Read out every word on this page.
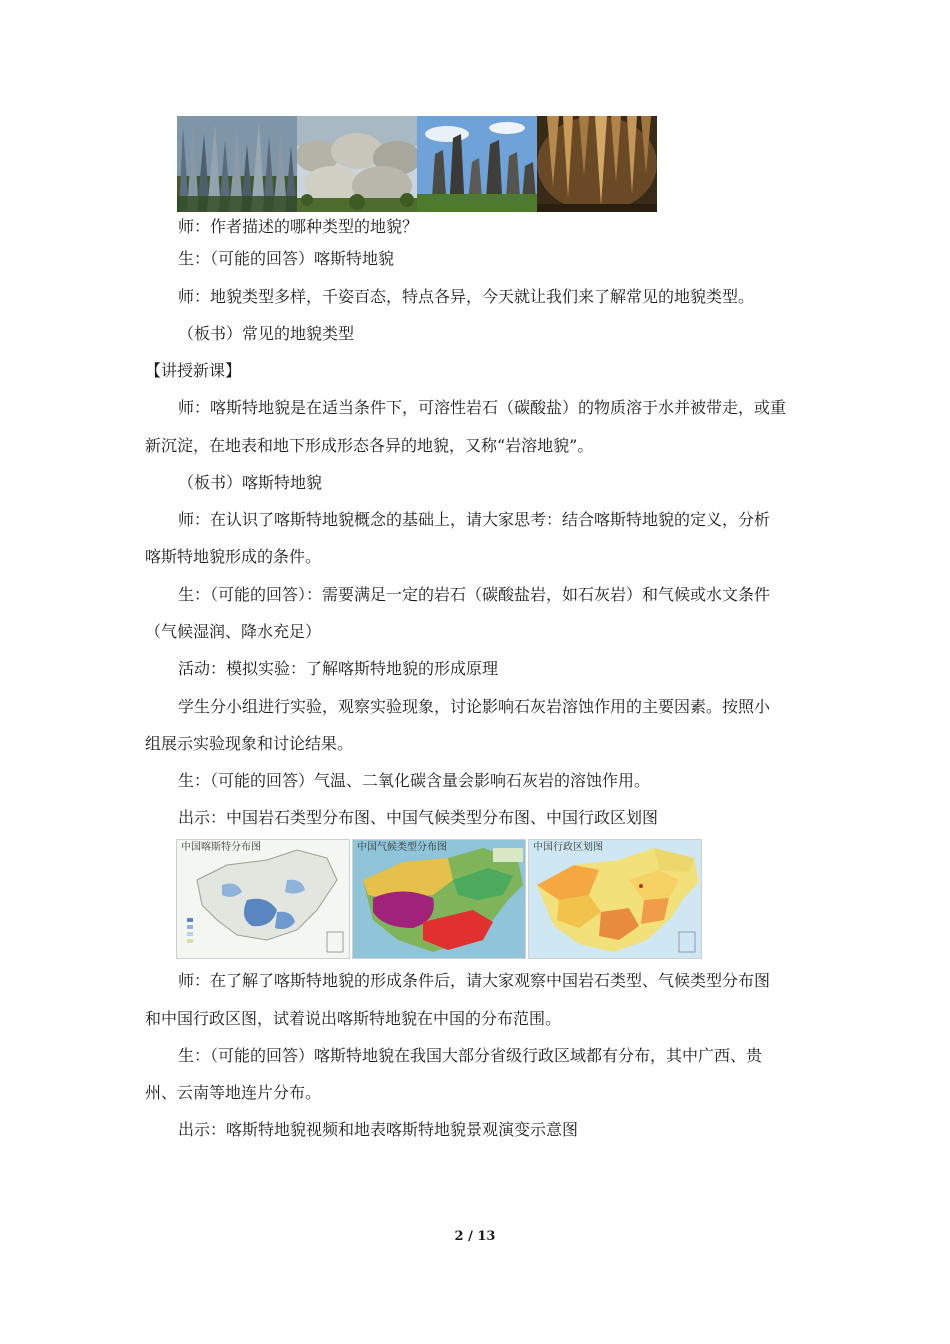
师：作者描述的哪种类型的地貌？
生：（可能的回答）喀斯特地貌
师：地貌类型多样，千姿百态，特点各异，今天就让我们来了解常见的地貌类型。
（板书）常见的地貌类型
【讲授新课】
师：喀斯特地貌是在适当条件下，可溶性岩石（碳酸盐）的物质溶于水并被带走，或重
新沉淀，在地表和地下形成形态各异的地貌，又称“岩溶地貌”。
（板书）喀斯特地貌
师：在认识了喀斯特地貌概念的基础上，请大家思考：结合喀斯特地貌的定义，分析
喀斯特地貌形成的条件。
生：（可能的回答）：需要满足一定的岩石（碳酸盐岩，如石灰岩）和气候或水文条件
（气候湿润、降水充足）
活动：模拟实验：了解喀斯特地貌的形成原理
学生分小组进行实验，观察实验现象，讨论影响石灰岩溶蚀作用的主要因素。按照小
组展示实验现象和讨论结果。
生：（可能的回答）气温、二氧化碳含量会影响石灰岩的溶蚀作用。
出示：中国岩石类型分布图、中国气候类型分布图、中国行政区划图
中国喀斯特分布图	中国气候类型分布图	中国行政区划图
师：在了解了喀斯特地貌的形成条件后，请大家观察中国岩石类型、气候类型分布图
和中国行政区图，试着说出喀斯特地貌在中国的分布范围。
生：（可能的回答）喀斯特地貌在我国大部分省级行政区域都有分布，其中广西、贵
州、云南等地连片分布。
出示：喀斯特地貌视频和地表喀斯特地貌景观演变示意图
2 / 13
